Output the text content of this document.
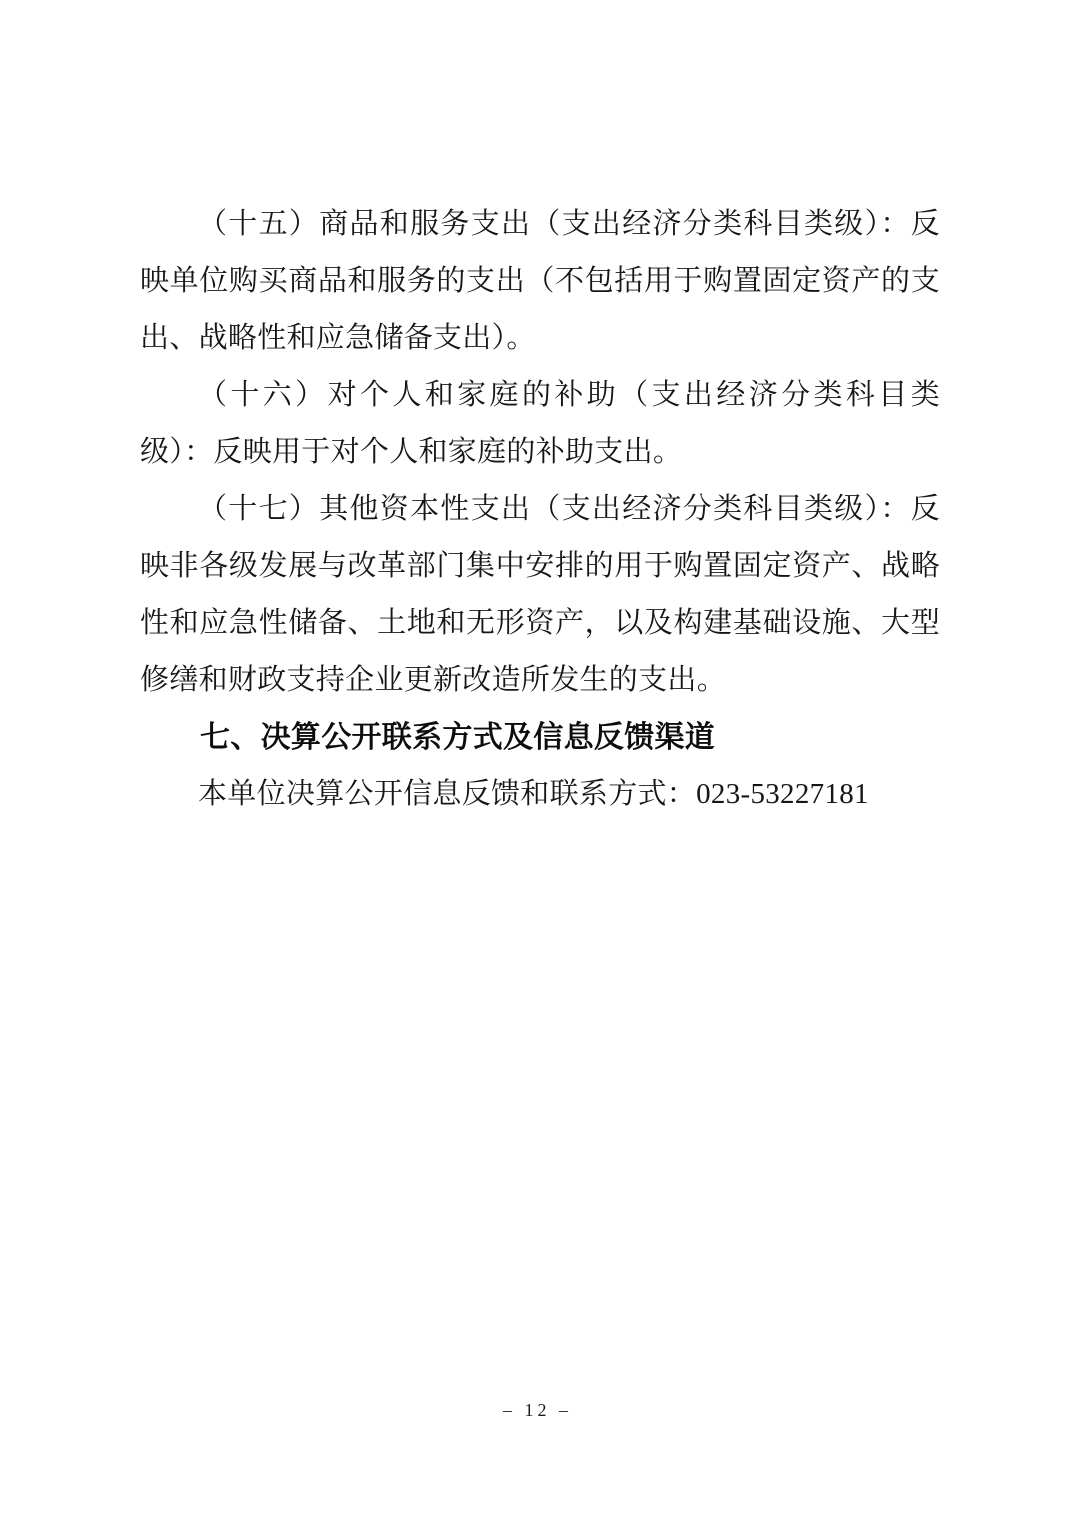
（十五）商品和服务支出（支出经济分类科目类级）：反映单位购买商品和服务的支出（不包括用于购置固定资产的支出、战略性和应急储备支出）。

（十六）对个人和家庭的补助（支出经济分类科目类级）：反映用于对个人和家庭的补助支出。

（十七）其他资本性支出（支出经济分类科目类级）：反映非各级发展与改革部门集中安排的用于购置固定资产、战略性和应急性储备、土地和无形资产，以及构建基础设施、大型修缮和财政支持企业更新改造所发生的支出。

七、决算公开联系方式及信息反馈渠道

本单位决算公开信息反馈和联系方式：023-53227181

– 12 –
